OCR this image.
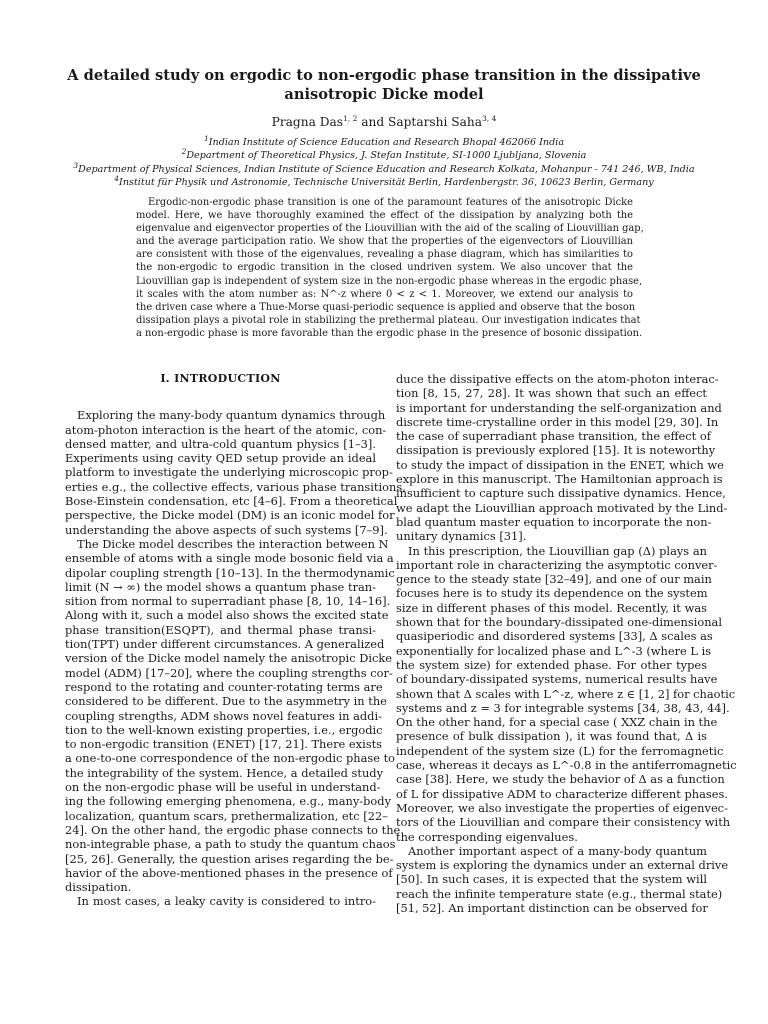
A detailed study on ergodic to non-ergodic phase transition in the dissipative
anisotropic Dicke model
Pragna Das$^{1, 2}$ and Saptarshi Saha$^{3, 4}$
$^1$Indian Institute of Science Education and Research Bhopal 462066 India
$^2$Department of Theoretical Physics, J. Stefan Institute, SI-1000 Ljubljana, Slovenia
$^3$Department of Physical Sciences, Indian Institute of Science Education and Research Kolkata, Mohanpur - 741 246, WB, India
$^4$Institut für Physik und Astronomie, Technische Universität Berlin, Hardenbergstr. 36, 10623 Berlin, Germany
Ergodic-non-ergodic phase transition is one of the paramount features of the anisotropic Dicke
model. Here, we have thoroughly examined the effect of the dissipation by analyzing both the
eigenvalue and eigenvector properties of the Liouvillian with the aid of the scaling of Liouvillian gap,
and the average participation ratio. We show that the properties of the eigenvectors of Liouvillian
are consistent with those of the eigenvalues, revealing a phase diagram, which has similarities to
the non-ergodic to ergodic transition in the closed undriven system. We also uncover that the
Liouvillian gap is independent of system size in the non-ergodic phase whereas in the ergodic phase,
it scales with the atom number as: N^-z where 0 < z < 1. Moreover, we extend our analysis to
the driven case where a Thue-Morse quasi-periodic sequence is applied and observe that the boson
dissipation plays a pivotal role in stabilizing the prethermal plateau. Our investigation indicates that
a non-ergodic phase is more favorable than the ergodic phase in the presence of bosonic dissipation.
I. INTRODUCTION
Exploring the many-body quantum dynamics through
atom-photon interaction is the heart of the atomic, con-
densed matter, and ultra-cold quantum physics [1–3].
Experiments using cavity QED setup provide an ideal
platform to investigate the underlying microscopic prop-
erties e.g., the collective effects, various phase transitions,
Bose-Einstein condensation, etc [4–6]. From a theoretical
perspective, the Dicke model (DM) is an iconic model for
understanding the above aspects of such systems [7–9].
The Dicke model describes the interaction between N
ensemble of atoms with a single mode bosonic field via a
dipolar coupling strength [10–13]. In the thermodynamic
limit (N → ∞) the model shows a quantum phase tran-
sition from normal to superradiant phase [8, 10, 14–16].
Along with it, such a model also shows the excited state
phase transition(ESQPT), and thermal phase transi-
tion(TPT) under different circumstances. A generalized
version of the Dicke model namely the anisotropic Dicke
model (ADM) [17–20], where the coupling strengths cor-
respond to the rotating and counter-rotating terms are
considered to be different. Due to the asymmetry in the
coupling strengths, ADM shows novel features in addi-
tion to the well-known existing properties, i.e., ergodic
to non-ergodic transition (ENET) [17, 21]. There exists
a one-to-one correspondence of the non-ergodic phase to
the integrability of the system. Hence, a detailed study
on the non-ergodic phase will be useful in understand-
ing the following emerging phenomena, e.g., many-body
localization, quantum scars, prethermalization, etc [22–
24]. On the other hand, the ergodic phase connects to the
non-integrable phase, a path to study the quantum chaos
[25, 26]. Generally, the question arises regarding the be-
havior of the above-mentioned phases in the presence of
dissipation.
In most cases, a leaky cavity is considered to intro-
duce the dissipative effects on the atom-photon interac-
tion [8, 15, 27, 28]. It was shown that such an effect
is important for understanding the self-organization and
discrete time-crystalline order in this model [29, 30]. In
the case of superradiant phase transition, the effect of
dissipation is previously explored [15]. It is noteworthy
to study the impact of dissipation in the ENET, which we
explore in this manuscript. The Hamiltonian approach is
insufficient to capture such dissipative dynamics. Hence,
we adapt the Liouvillian approach motivated by the Lind-
blad quantum master equation to incorporate the non-
unitary dynamics [31].
In this prescription, the Liouvillian gap (Δ) plays an
important role in characterizing the asymptotic conver-
gence to the steady state [32–49], and one of our main
focuses here is to study its dependence on the system
size in different phases of this model. Recently, it was
shown that for the boundary-dissipated one-dimensional
quasiperiodic and disordered systems [33], Δ scales as
exponentially for localized phase and L^-3 (where L is
the system size) for extended phase. For other types
of boundary-dissipated systems, numerical results have
shown that Δ scales with L^-z, where z ∈ [1, 2] for chaotic
systems and z = 3 for integrable systems [34, 38, 43, 44].
On the other hand, for a special case ( XXZ chain in the
presence of bulk dissipation ), it was found that, Δ is
independent of the system size (L) for the ferromagnetic
case, whereas it decays as L^-0.8 in the antiferromagnetic
case [38]. Here, we study the behavior of Δ as a function
of L for dissipative ADM to characterize different phases.
Moreover, we also investigate the properties of eigenvec-
tors of the Liouvillian and compare their consistency with
the corresponding eigenvalues.
Another important aspect of a many-body quantum
system is exploring the dynamics under an external drive
[50]. In such cases, it is expected that the system will
reach the infinite temperature state (e.g., thermal state)
[51, 52]. An important distinction can be observed for
